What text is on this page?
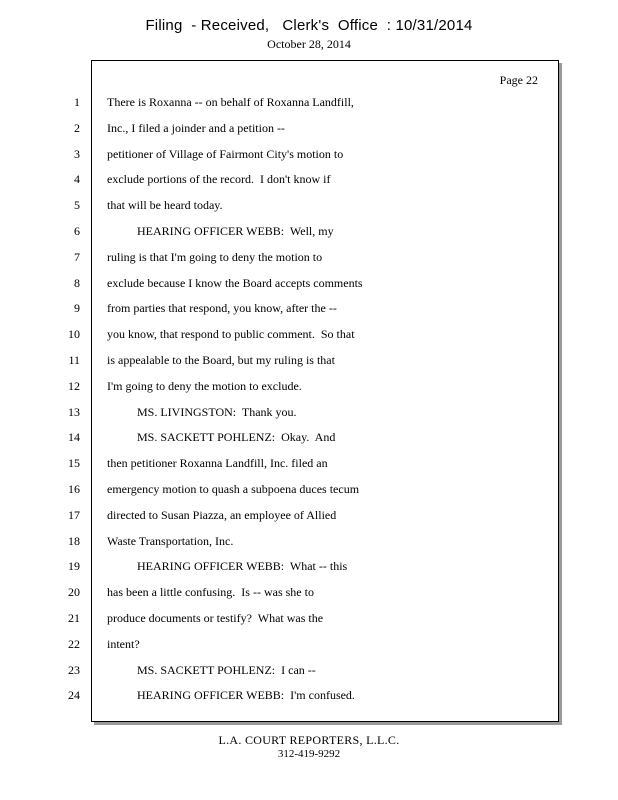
Filing  - Received,   Clerk's  Office  : 10/31/2014
October 28, 2014
Page 22
1
2
3
4
5
6
7
8
9
10
11
12
13
14
15
16
17
18
19
20
21
22
23
24
There is Roxanna -- on behalf of Roxanna Landfill,
Inc., I filed a joinder and a petition --
petitioner of Village of Fairmont City's motion to
exclude portions of the record.  I don't know if
that will be heard today.
HEARING OFFICER WEBB:  Well, my
ruling is that I'm going to deny the motion to
exclude because I know the Board accepts comments
from parties that respond, you know, after the --
you know, that respond to public comment.  So that
is appealable to the Board, but my ruling is that
I'm going to deny the motion to exclude.
MS. LIVINGSTON:  Thank you.
MS. SACKETT POHLENZ:  Okay.  And
then petitioner Roxanna Landfill, Inc. filed an
emergency motion to quash a subpoena duces tecum
directed to Susan Piazza, an employee of Allied
Waste Transportation, Inc.
HEARING OFFICER WEBB:  What -- this
has been a little confusing.  Is -- was she to
produce documents or testify?  What was the
intent?
MS. SACKETT POHLENZ:  I can --
HEARING OFFICER WEBB:  I'm confused.
L.A. COURT REPORTERS, L.L.C.
312-419-9292
